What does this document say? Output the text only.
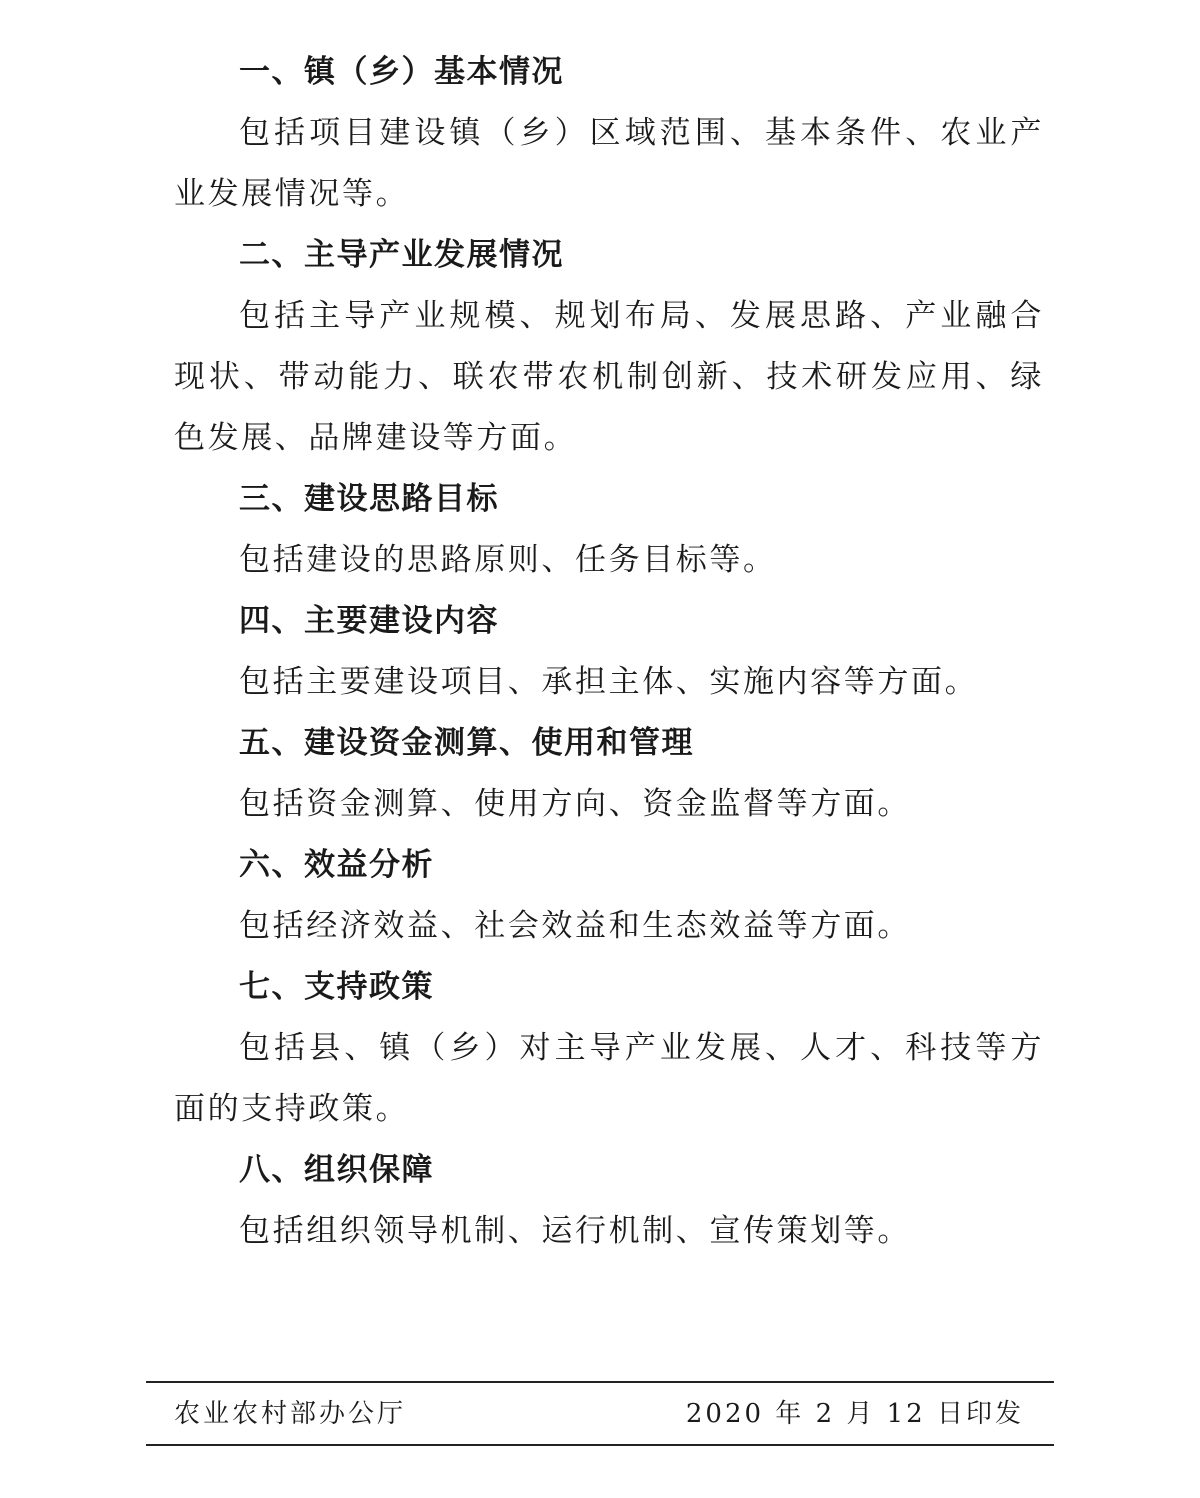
一、镇（乡）基本情况

包括项目建设镇（乡）区域范围、基本条件、农业产业发展情况等。

二、主导产业发展情况

包括主导产业规模、规划布局、发展思路、产业融合现状、带动能力、联农带农机制创新、技术研发应用、绿色发展、品牌建设等方面。

三、建设思路目标

包括建设的思路原则、任务目标等。

四、主要建设内容

包括主要建设项目、承担主体、实施内容等方面。

五、建设资金测算、使用和管理

包括资金测算、使用方向、资金监督等方面。

六、效益分析

包括经济效益、社会效益和生态效益等方面。

七、支持政策

包括县、镇（乡）对主导产业发展、人才、科技等方面的支持政策。

八、组织保障

包括组织领导机制、运行机制、宣传策划等。

农业农村部办公厅	2020 年 2 月 12 日印发
